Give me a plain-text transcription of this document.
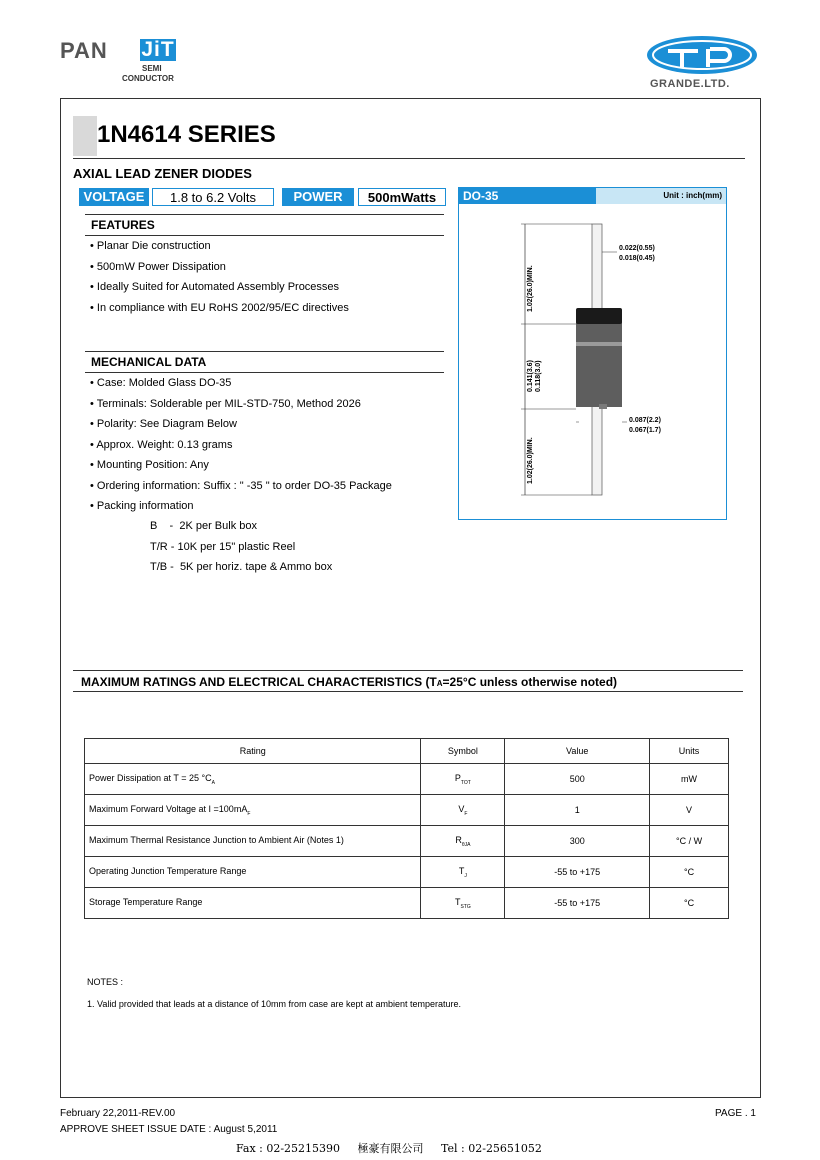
PAN JiT
SEMI
CONDUCTOR	GRANDE.LTD.
1N4614 SERIES
AXIAL LEAD ZENER DIODES
VOLTAGE	1.8 to 6.2 Volts	POWER	500mWatts
FEATURES
• Planar Die construction
• 500mW Power Dissipation
• Ideally Suited for Automated Assembly Processes
• In compliance with EU RoHS 2002/95/EC directives
MECHANICAL DATA
• Case: Molded Glass DO-35
• Terminals: Solderable per MIL-STD-750, Method 2026
• Polarity: See Diagram Below
• Approx. Weight: 0.13 grams
• Mounting Position: Any
• Ordering information: Suffix : " -35 " to order DO-35 Package
• Packing information
B    -  2K per Bulk box
T/R - 10K per 15" plastic Reel
T/B -  5K per horiz. tape & Ammo box
DO-35	Unit : inch(mm)
1.02(26.0)MIN.
0.141(3.6) 0.118(3.0)
1.02(26.0)MIN.
0.022(0.55)
0.018(0.45)
0.087(2.2)
0.067(1.7)
MAXIMUM RATINGS AND ELECTRICAL CHARACTERISTICS (TA=25°C unless otherwise noted)
Rating	Symbol	Value	Units
Power Dissipation at T = 25 $^\circ C_A$	$P_{TOT}$	500	mW
Maximum Forward Voltage at $I =100mA_F$	$V_F$	1	V
Maximum Thermal Resistance Junction to Ambient Air (Notes 1)	$R_{\theta JA}$	300	°C / W
Operating Junction Temperature Range	$T_J$	-55 to +175	°C
Storage Temperature Range	$T_{STG}$	-55 to +175	°C
NOTES :
1. Valid provided that leads at a distance of 10mm from case are kept at ambient temperature.
February 22,2011-REV.00
APPROVE SHEET ISSUE DATE : August 5,2011
PAGE . 1
Fax : 02-25215390     極豪有限公司     Tel : 02-25651052
